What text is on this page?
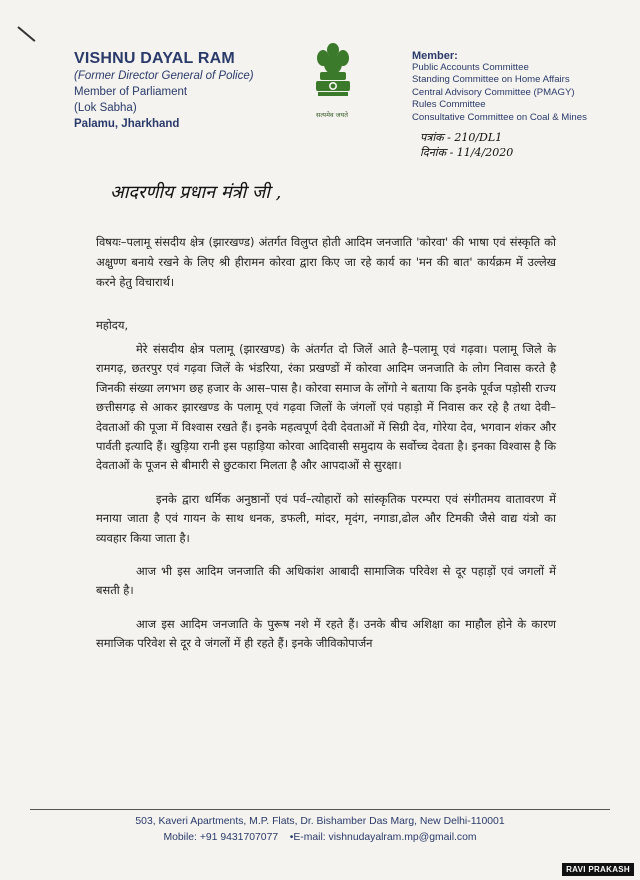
VISHNU DAYAL RAM
(Former Director General of Police)
Member of Parliament
(Lok Sabha)
Palamu, Jharkhand
सत्यमेव जयते
Member:
Public Accounts Committee
Standing Committee on Home Affairs
Central Advisory Committee (PMAGY)
Rules Committee
Consultative Committee on Coal & Mines
पत्रांक - 210/DL1
दिनांक - 11/4/2020
आदरणीय प्रधान मंत्री जी ,
विषयः–पलामू संसदीय क्षेत्र (झारखण्ड) अंतर्गत विलुप्त होती आदिम जनजाति 'कोरवा' की भाषा एवं संस्कृति को अक्षुण्ण बनाये रखने के लिए श्री हीरामन कोरवा द्वारा किए जा रहे कार्य का 'मन की बात' कार्यक्रम में उल्लेख करने हेतु विचारार्थ।
महोदय,

मेरे संसदीय क्षेत्र पलामू (झारखण्ड) के अंतर्गत दो जिलें आते है–पलामू एवं गढ़वा। पलामू जिले के रामगढ़, छतरपुर एवं गढ़वा जिलें के भंडरिया, रंका प्रखण्डों में कोरवा आदिम जनजाति के लोग निवास करते है जिनकी संख्या लगभग छह हजार के आस–पास है। कोरवा समाज के लोंगो ने बताया कि इनके पूर्वज पड़ोसी राज्य छत्तीसगढ़ से आकर झारखण्ड के पलामू एवं गढ़वा जिलों के जंगलों एवं पहाड़ो में निवास कर रहे है तथा देवी–देवताओं की पूजा में विश्वास रखते हैं। इनके महत्वपूर्ण देवी देवताओं में सिग्री देव, गोरेया देव, भगवान शंकर और पार्वती इत्यादि हैं। खुड़िया रानी इस पहाड़िया कोरवा आदिवासी समुदाय के सर्वोच्च देवता है। इनका विश्वास है कि देवताओं के पूजन से बीमारी से छुटकारा मिलता है और आपदाओं से सुरक्षा।

इनके द्वारा धर्मिक अनुष्ठानों एवं पर्व–त्योहारों को सांस्कृतिक परम्परा एवं संगीतमय वातावरण में मनाया जाता है एवं गायन के साथ धनक, डफली, मांदर, मृदंग, नगाडा,ढोल और टिमकी जैसे वाद्य यंत्रो का व्यवहार किया जाता है।

आज भी इस आदिम जनजाति की अधिकांश आबादी सामाजिक परिवेश से दूर पहाड़ों एवं जगलों में बसती है।

आज इस आदिम जनजाति के पुरूष नशे में रहते हैं। उनके बीच अशिक्षा का माहौल होने के कारण समाजिक परिवेश से दूर वे जंगलों में ही रहते हैं। इनके जीविकोपार्जन

503, Kaveri Apartments, M.P. Flats, Dr. Bishamber Das Marg, New Delhi-110001
Mobile: +91 9431707077 •E-mail: vishnudayalram.mp@gmail.com
RAVI PRAKASH
